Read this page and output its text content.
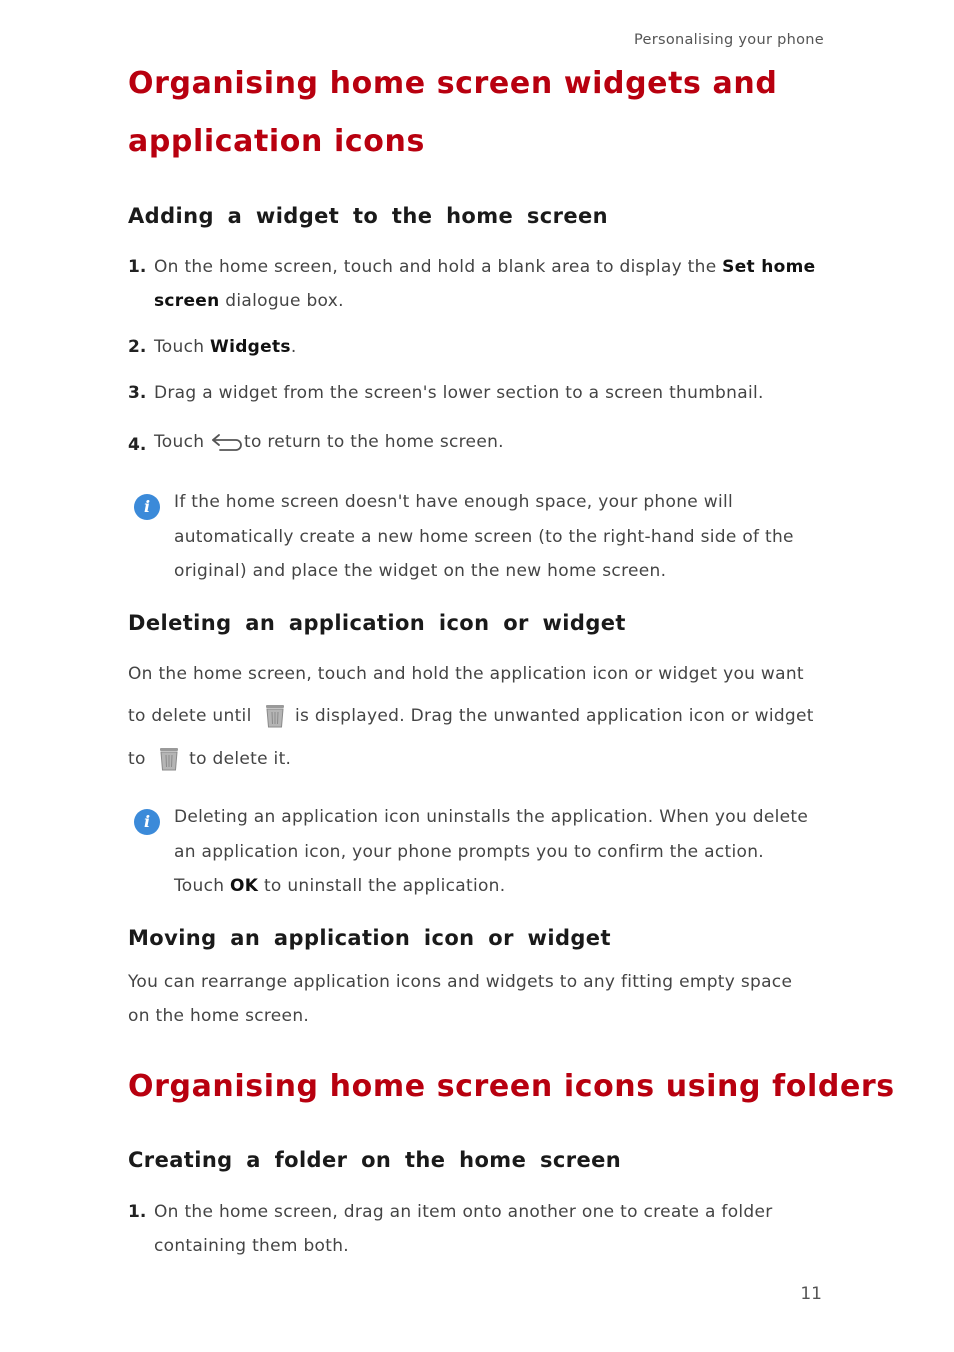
Personalising your phone
Organising home screen widgets and
application icons
Adding a widget to the home screen
1. On the home screen, touch and hold a blank area to display the Set home
screen dialogue box.
2. Touch Widgets.
3. Drag a widget from the screen's lower section to a screen thumbnail.
4. Touch to return to the home screen.
i	If the home screen doesn't have enough space, your phone will
automatically create a new home screen (to the right-hand side of the
original) and place the widget on the new home screen.
Deleting an application icon or widget
On the home screen, touch and hold the application icon or widget you want
to delete until	is displayed. Drag the unwanted application icon or widget
to	to delete it.
i	Deleting an application icon uninstalls the application. When you delete
an application icon, your phone prompts you to confirm the action.
Touch OK to uninstall the application.
Moving an application icon or widget
You can rearrange application icons and widgets to any fitting empty space
on the home screen.
Organising home screen icons using folders
Creating a folder on the home screen
1. On the home screen, drag an item onto another one to create a folder
containing them both.
11
